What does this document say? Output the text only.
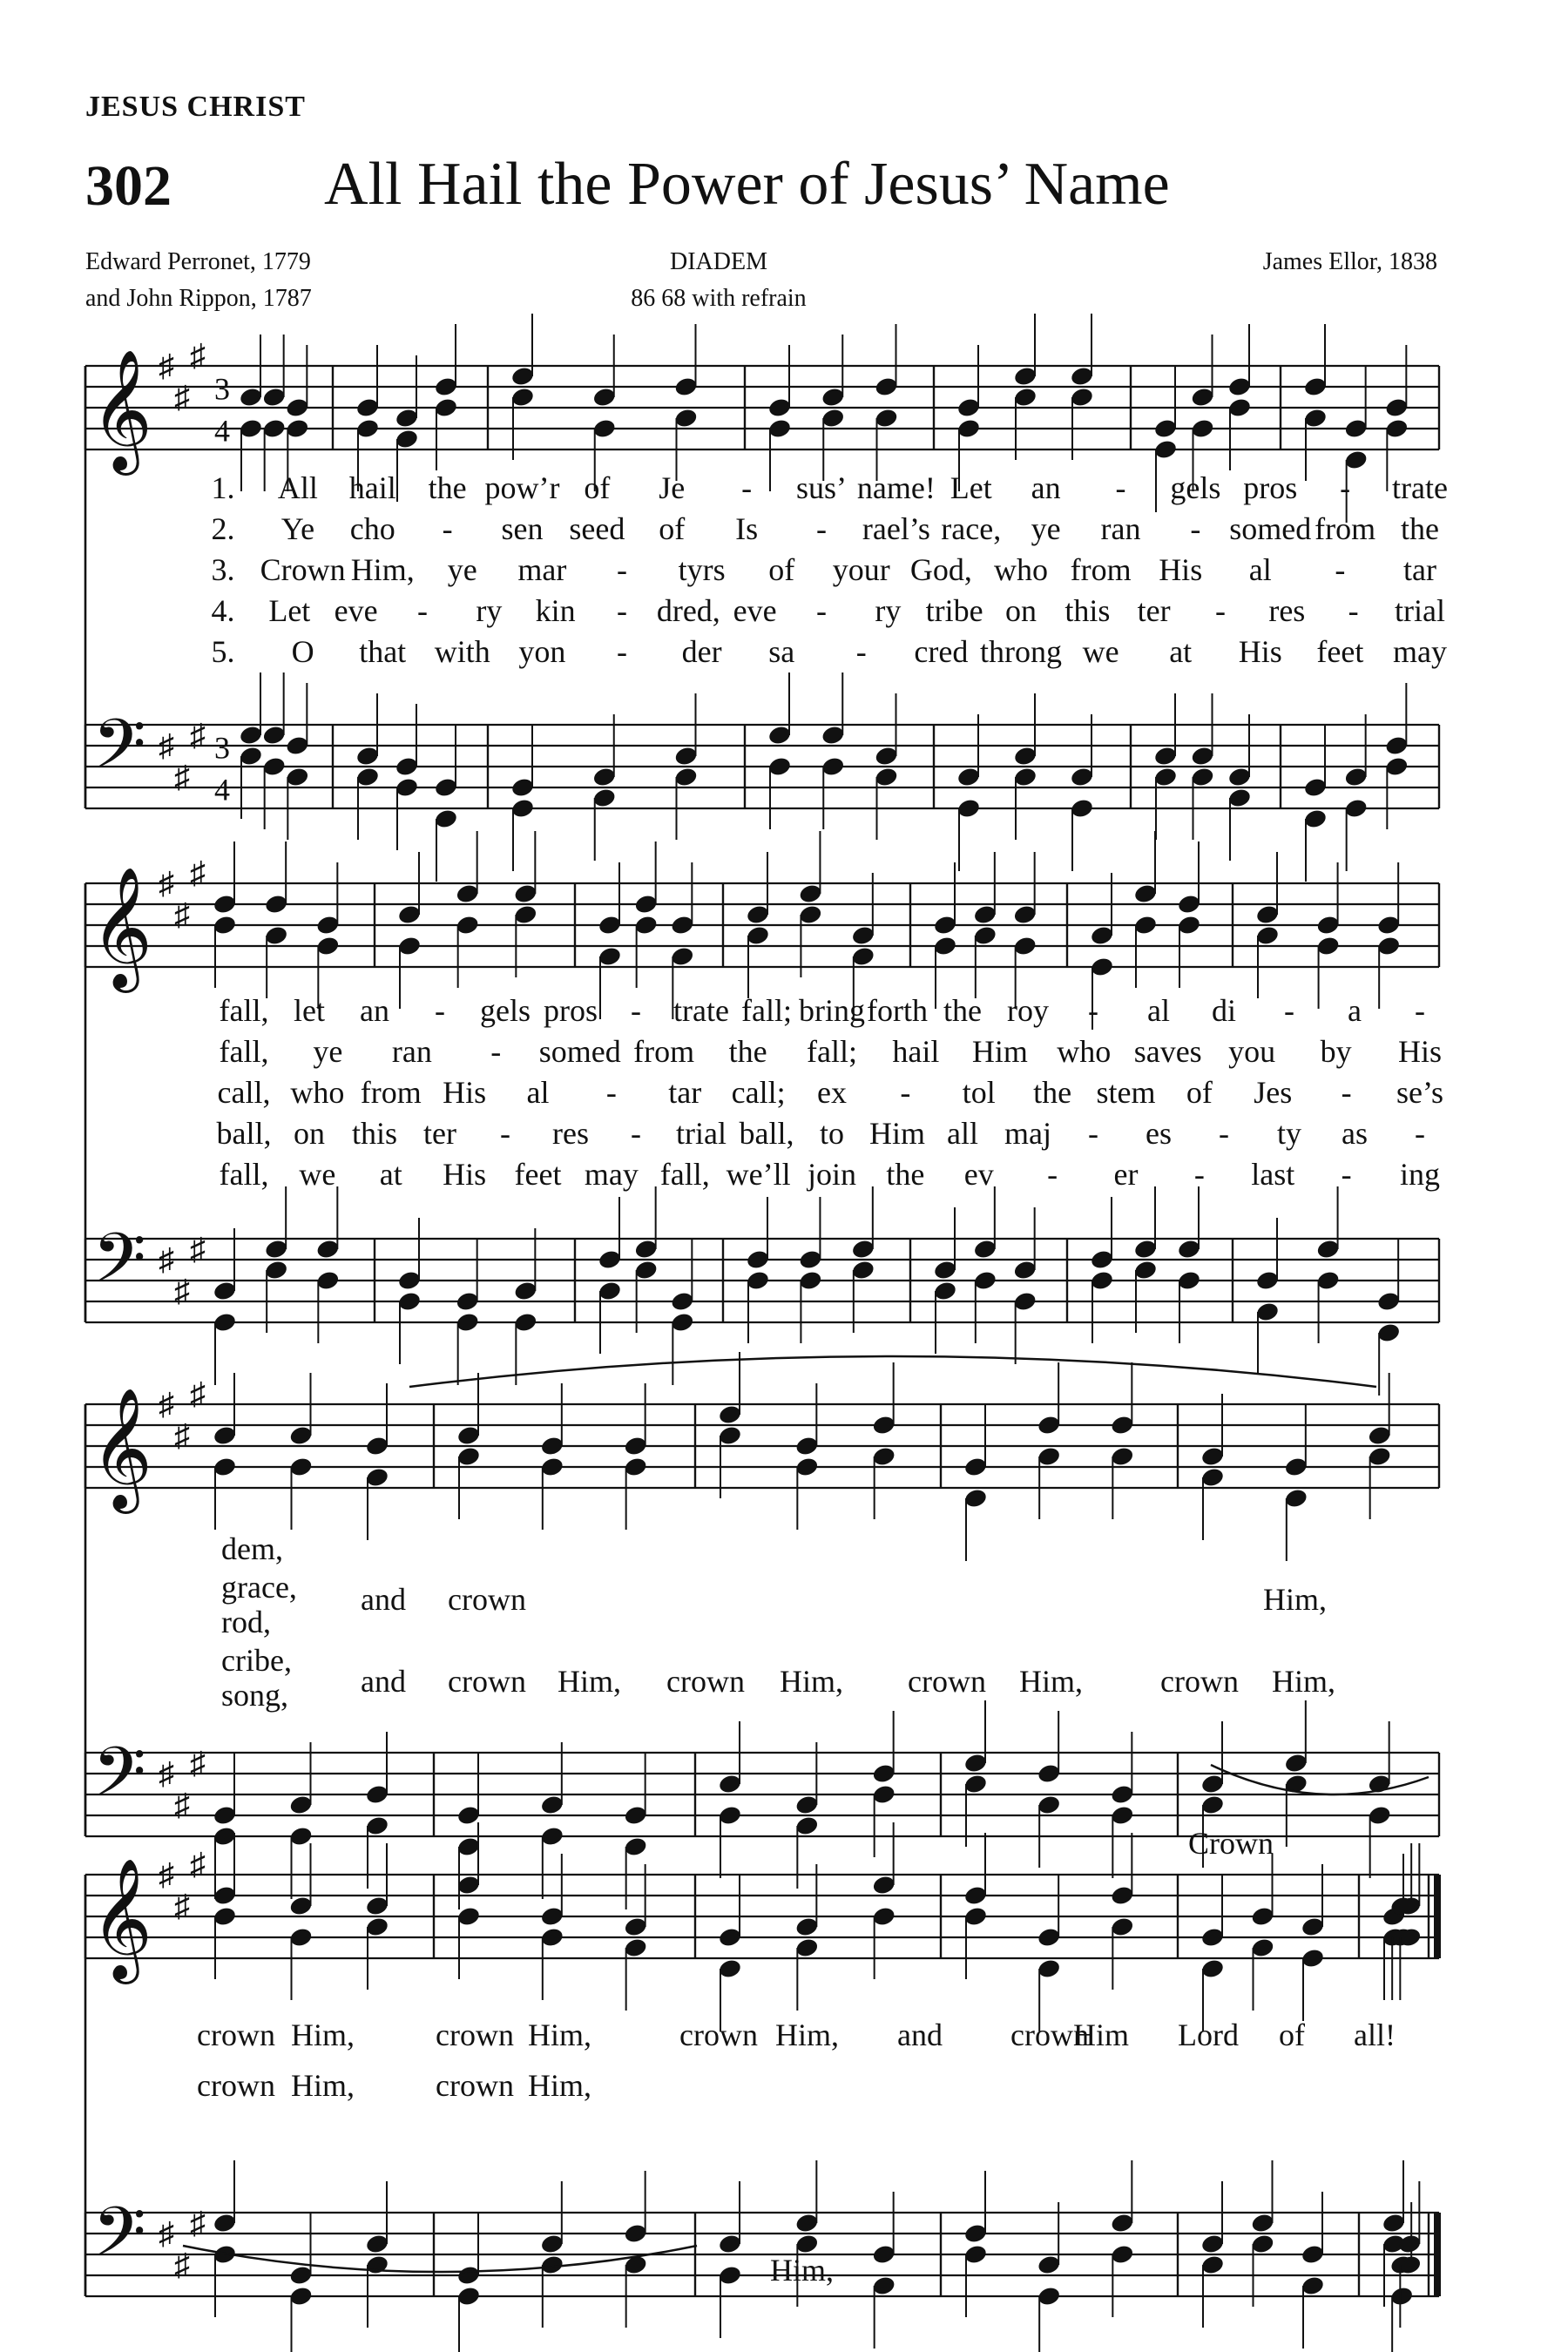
JESUS CHRIST
302	All Hail the Power of Jesus’ Name
Edward Perronet, 1779
and John Rippon, 1787
DIADEM
86 68 with refrain
James Ellor, 1838
𝄞
𝄢
♯
♯
♯
♯
♯
♯
3
4
3
4
𝄞
𝄢
♯
♯
♯
♯
♯
♯
𝄞
𝄢
♯
♯
♯
♯
♯
♯
𝄞
𝄢
♯
♯
♯
♯
♯
♯
1. All hail the pow’r of Je - sus’ name! Let an - gels pros - trate
2. Ye cho - sen seed of Is - rael’s race, ye ran - somed from the
3. Crown Him, ye mar - tyrs of your God, who from His al - tar
4. Let eve - ry kin - dred, eve - ry tribe on this ter - res - trial
5. O that with yon - der sa - cred throng we at His feet may
fall, let an - gels pros - trate fall; bring forth the roy - al di - a -
fall, ye ran - somed from the fall; hail Him who saves you by His
call, who from His al - tar call; ex - tol the stem of Jes - se’s
ball, on this ter - res - trial ball, to Him all maj - es - ty as -
fall, we at His feet may fall, we’ll join the ev - er - last - ing
dem,
grace,
rod,
cribe,
song,
and crown	Him,
and crown Him, crown Him, crown Him, crown Him,
Crown
crown Him,	crown Him,	crown Him, and crown
Him Lord of all!
crown Him,	crown Him,
Him,
